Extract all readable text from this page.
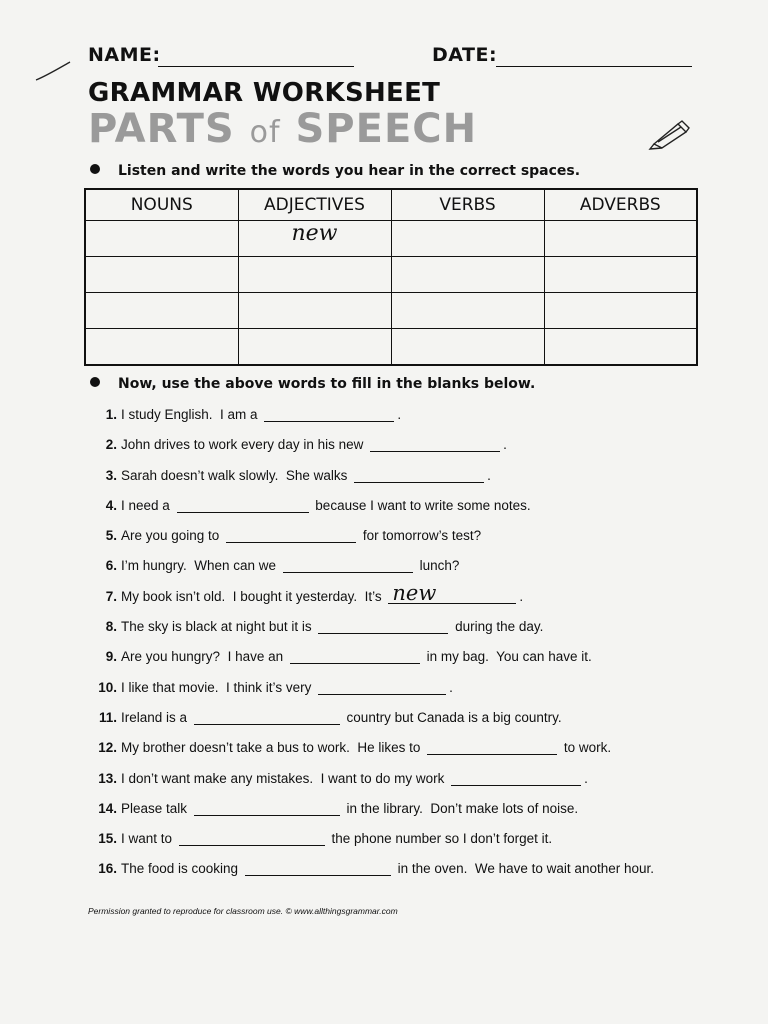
NAME:	DATE:
GRAMMAR WORKSHEET
PARTS of SPEECH
Listen and write the words you hear in the correct spaces.
NOUNS	ADJECTIVES	VERBS	ADVERBS
	new		

Now, use the above words to fill in the blanks below.
1. I study English.  I am a	.
2. John drives to work every day in his new	.
3. Sarah doesn’t walk slowly.  She walks	.
4. I need a	because I want to write some notes.
5. Are you going to	for tomorrow’s test?
6. I’m hungry.  When can we	lunch?
7. My book isn’t old.  I bought it yesterday.  It’s new	.
8. The sky is black at night but it is	during the day.
9. Are you hungry?  I have an	in my bag.  You can have it.
10. I like that movie.  I think it’s very	.
11. Ireland is a	country but Canada is a big country.
12. My brother doesn’t take a bus to work.  He likes to	to work.
13. I don’t want make any mistakes.  I want to do my work	.
14. Please talk	in the library.  Don’t make lots of noise.
15. I want to	the phone number so I don’t forget it.
16. The food is cooking	in the oven.  We have to wait another hour.
Permission granted to reproduce for classroom use. © www.allthingsgrammar.com
